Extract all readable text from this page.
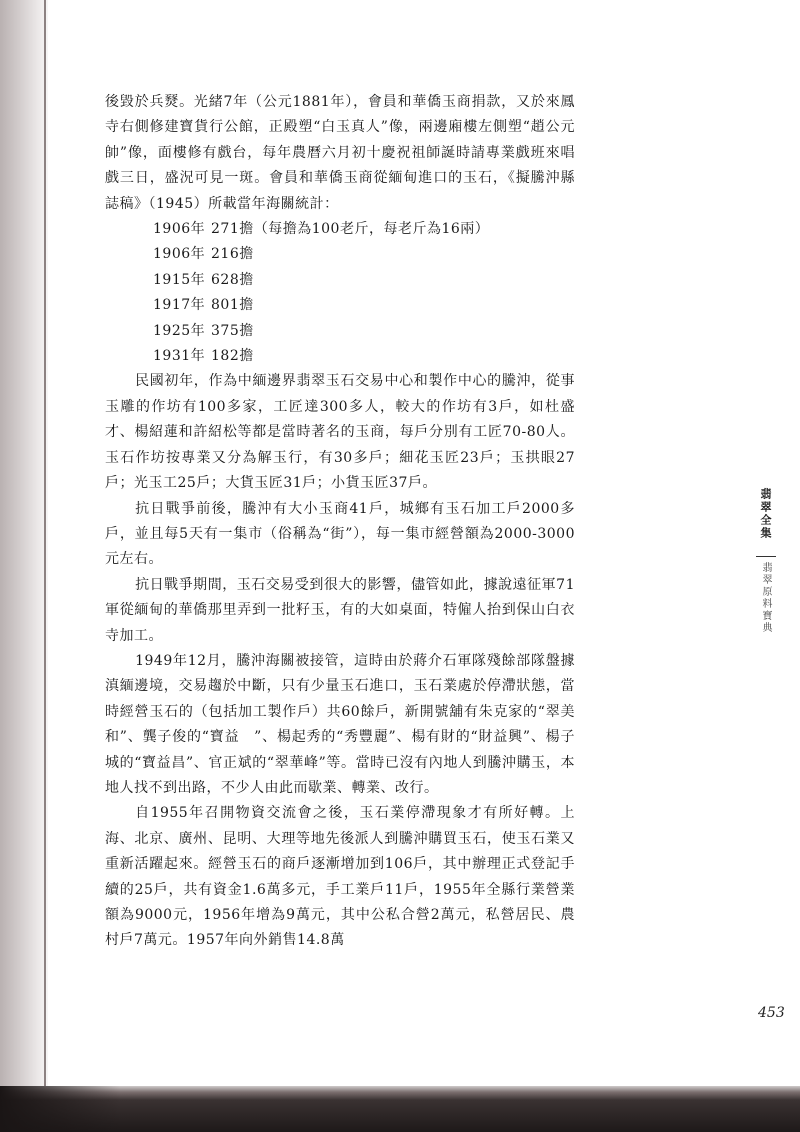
後毀於兵燹。光緒7年（公元1881年），會員和華僑玉商捐款，又於來鳳寺右側修建寶貨行公館，正殿塑“白玉真人”像，兩邊廂樓左側塑“趙公元帥”像，面樓修有戲台，每年農曆六月初十慶祝祖師誕時請專業戲班來唱戲三日，盛況可見一斑。會員和華僑玉商從緬甸進口的玉石，《擬騰沖縣誌稿》（1945）所載當年海關統計：

1906年 271擔（每擔為100老斤，每老斤為16兩）
1906年 216擔
1915年 628擔
1917年 801擔
1925年 375擔
1931年 182擔

民國初年，作為中緬邊界翡翠玉石交易中心和製作中心的騰沖，從事玉雕的作坊有100多家，工匠達300多人，較大的作坊有3戶，如杜盛才、楊紹蓮和許紹松等都是當時著名的玉商，每戶分別有工匠70-80人。玉石作坊按專業又分為解玉行，有30多戶；細花玉匠23戶；玉拱眼27戶；光玉工25戶；大貨玉匠31戶；小貨玉匠37戶。

抗日戰爭前後，騰沖有大小玉商41戶，城鄉有玉石加工戶2000多戶，並且每5天有一集市（俗稱為“街”），每一集市經營額為2000-3000元左右。

抗日戰爭期間，玉石交易受到很大的影響，儘管如此，據說遠征軍71軍從緬甸的華僑那里弄到一批籽玉，有的大如桌面，特僱人抬到保山白衣寺加工。

1949年12月，騰沖海關被接管，這時由於蔣介石軍隊殘餘部隊盤據滇緬邊境，交易趨於中斷，只有少量玉石進口，玉石業處於停滯狀態，當時經營玉石的（包括加工製作戶）共60餘戶，新開號舖有朱克家的“翠美和”、龔子俊的“寶益　”、楊起秀的“秀豐麗”、楊有財的“財益興”、楊子城的“寶益昌”、官正斌的“翠華峰”等。當時已沒有內地人到騰沖購玉，本地人找不到出路，不少人由此而歇業、轉業、改行。

自1955年召開物資交流會之後，玉石業停滯現象才有所好轉。上海、北京、廣州、昆明、大理等地先後派人到騰沖購買玉石，使玉石業又重新活躍起來。經營玉石的商戶逐漸增加到106戶，其中辦理正式登記手續的25戶，共有資金1.6萬多元，手工業戶11戶，1955年全縣行業營業額為9000元，1956年增為9萬元，其中公私合營2萬元，私營居民、農村戶7萬元。1957年向外銷售14.8萬

翡翠全集
翡翠原料寶典
453
